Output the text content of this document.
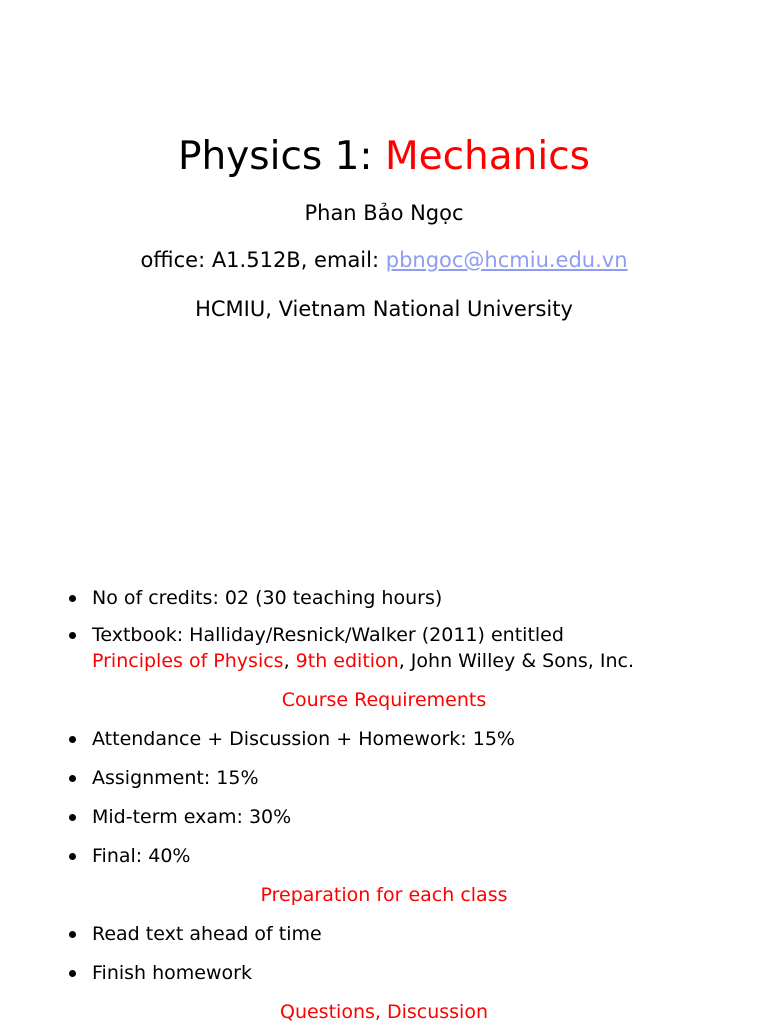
Physics 1: Mechanics
Phan Bảo Ngọc
office: A1.512B, email: pbngoc@hcmiu.edu.vn
HCMIU, Vietnam National University
No of credits: 02 (30 teaching hours)
Textbook: Halliday/Resnick/Walker (2011) entitled
Principles of Physics, 9th edition, John Willey & Sons, Inc.
Course Requirements
Attendance + Discussion + Homework: 15%
Assignment: 15%
Mid-term exam: 30%
Final: 40%
Preparation for each class
Read text ahead of time
Finish homework
Questions, Discussion
